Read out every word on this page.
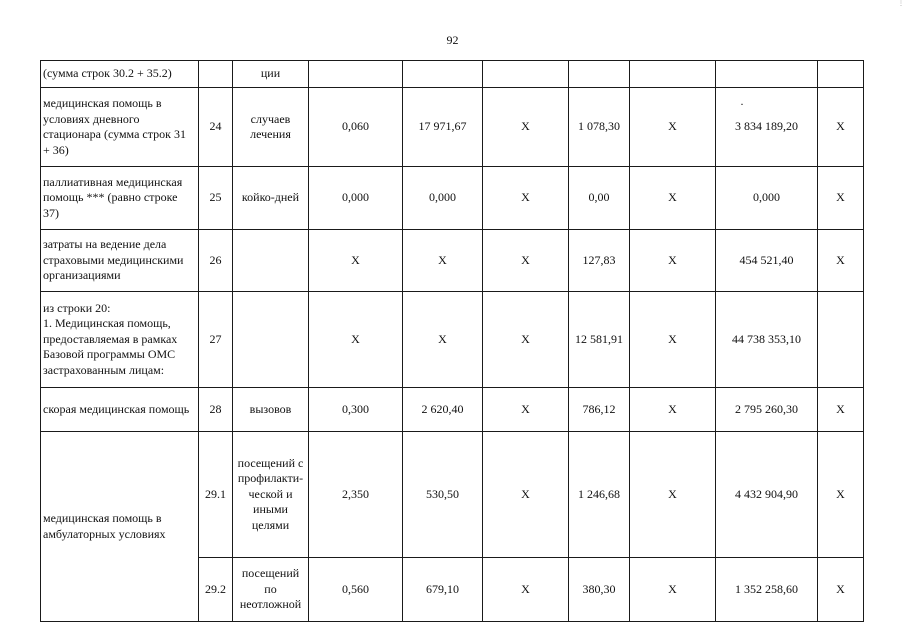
92
⋮
·
(сумма строк 30.2 + 35.2)		ции							
медицинская помощь в условиях дневного стационара (сумма строк 31 + 36)	24	случаев лечения	0,060	17 971,67	X	1 078,30	X	3 834 189,20	X
паллиативная медицинская помощь *** (равно строке 37)	25	койко-дней	0,000	0,000	X	0,00	X	0,000	X
затраты на ведение дела страховыми медицинскими организациями	26		X	X	X	127,83	X	454 521,40	X
из строки 20:
1. Медицинская помощь, предоставляемая в рамках Базовой программы ОМС застрахованным лицам:	27		X	X	X	12 581,91	X	44 738 353,10	
скорая медицинская помощь	28	вызовов	0,300	2 620,40	X	786,12	X	2 795 260,30	X
медицинская помощь в амбулаторных условиях	29.1	посещений с профилакти-ческой и иными целями	2,350	530,50	X	1 246,68	X	4 432 904,90	X
	29.2	посещений по неотложной	0,560	679,10	X	380,30	X	1 352 258,60	X
